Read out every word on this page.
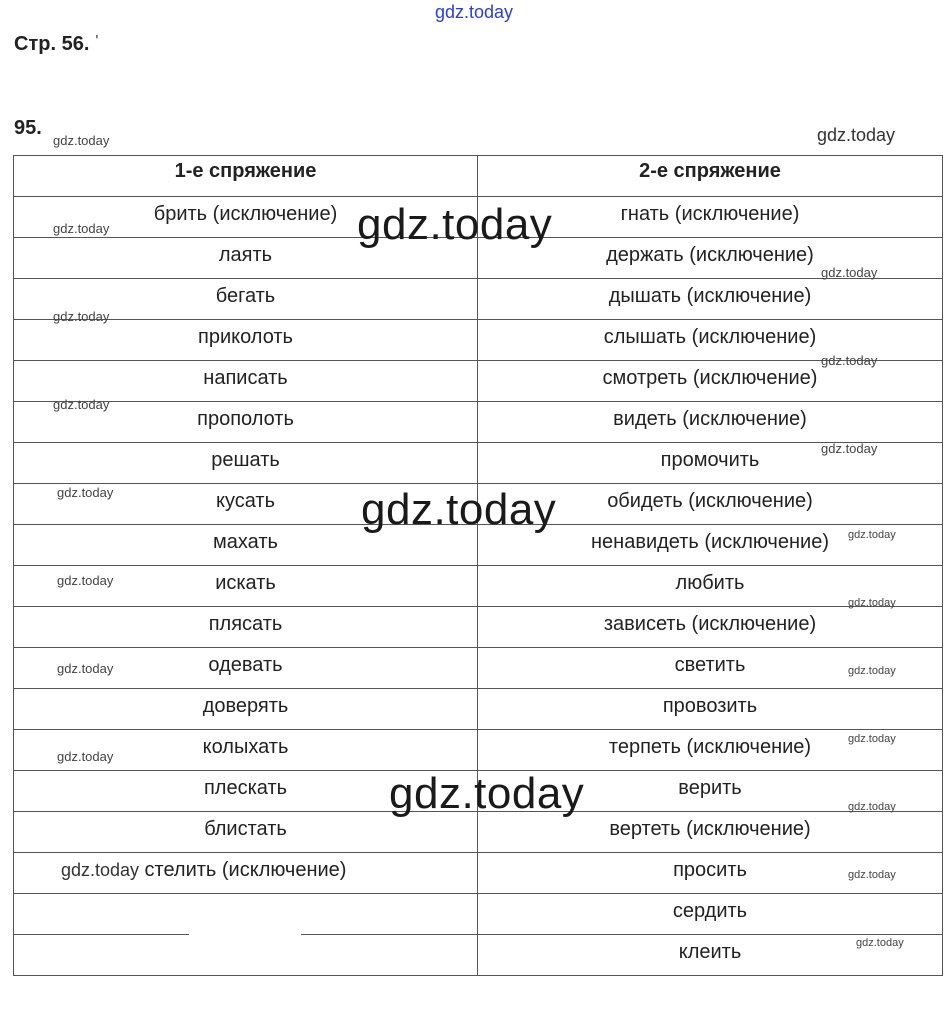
gdz.today
Стр. 56. '
95.
1-е спряжение	2-е спряжение
брить (исключение)	гнать (исключение)
лаять	держать (исключение)
бегать	дышать (исключение)
приколоть	слышать (исключение)
написать	смотреть (исключение)
прополоть	видеть (исключение)
решать	промочить
кусать	обидеть (исключение)
махать	ненавидеть (исключение)
искать	любить
плясать	зависеть (исключение)
одевать	светить
доверять	провозить
колыхать	терпеть (исключение)
плескать	верить
блистать	вертеть (исключение)
стелить (исключение)	просить

	сердить
	клеить
gdz.today	gdz.today
gdz.today
gdz.today
gdz.today
gdz.today
gdz.today
gdz.today
gdz.today
gdz.today
gdz.today
gdz.today
gdz.today
gdz.today
gdz.today
gdz.today
gdz.today
gdz.today
gdz.today
gdz.today
gdz.today
gdz.today
gdz.today
